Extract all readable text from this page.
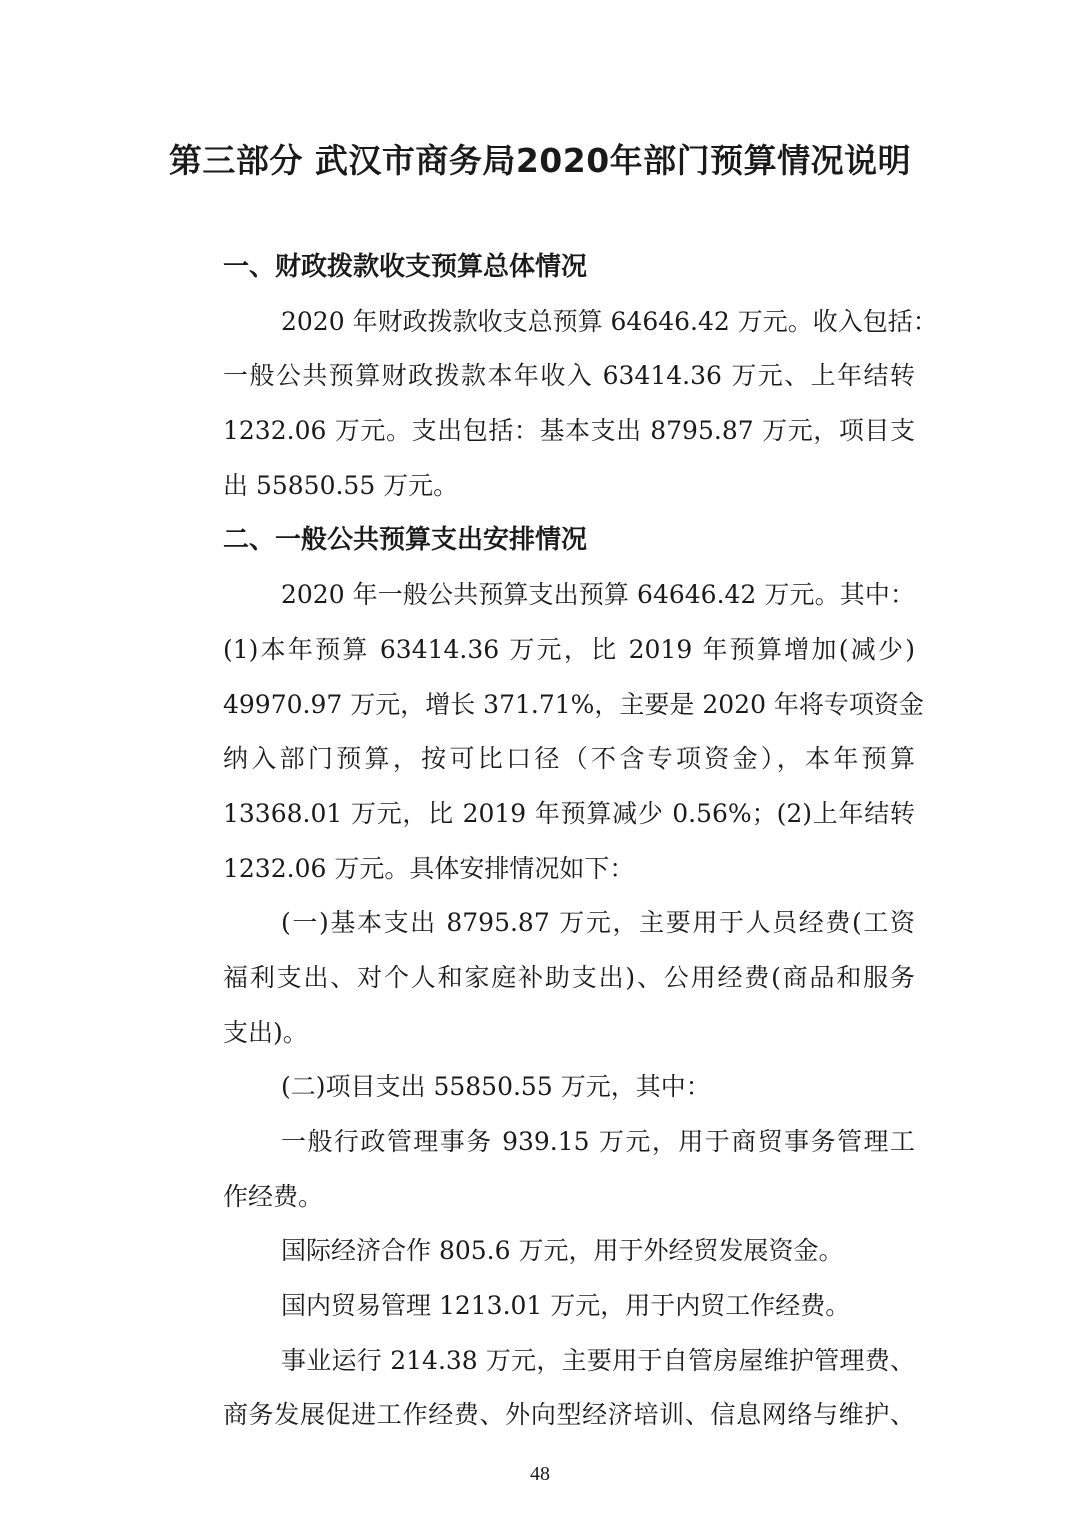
第三部分 武汉市商务局2020年部门预算情况说明
一、财政拨款收支预算总体情况
2020 年财政拨款收支总预算 64646.42 万元。收入包括：
一般公共预算财政拨款本年收入 63414.36 万元、上年结转
1232.06 万元。支出包括：基本支出 8795.87 万元，项目支
出 55850.55 万元。
二、一般公共预算支出安排情况
2020 年一般公共预算支出预算 64646.42 万元。其中：
(1)本年预算 63414.36 万元，比 2019 年预算增加(减少)
49970.97 万元，增长 371.71%，主要是 2020 年将专项资金
纳入部门预算，按可比口径（不含专项资金），本年预算
13368.01 万元，比 2019 年预算减少 0.56%；(2)上年结转
1232.06 万元。具体安排情况如下：
(一)基本支出 8795.87 万元，主要用于人员经费(工资
福利支出、对个人和家庭补助支出)、公用经费(商品和服务
支出)。
(二)项目支出 55850.55 万元，其中：
一般行政管理事务 939.15 万元，用于商贸事务管理工
作经费。
国际经济合作 805.6 万元，用于外经贸发展资金。
国内贸易管理 1213.01 万元，用于内贸工作经费。
事业运行 214.38 万元，主要用于自管房屋维护管理费、
商务发展促进工作经费、外向型经济培训、信息网络与维护、
48
